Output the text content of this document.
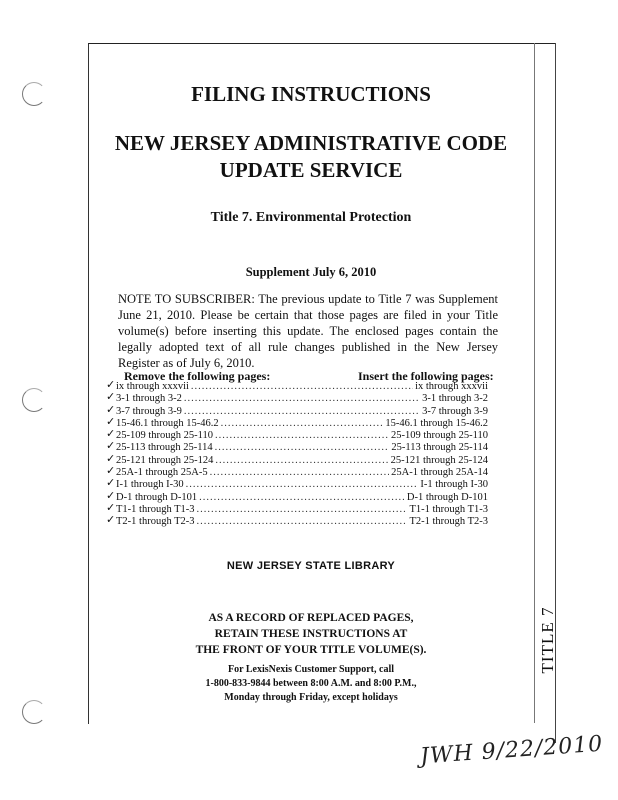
TITLE 7
FILING INSTRUCTIONS
NEW JERSEY ADMINISTRATIVE CODE
UPDATE SERVICE
Title 7. Environmental Protection
Supplement July 6, 2010
NOTE TO SUBSCRIBER: The previous update to Title 7 was Supplement June 21, 2010. Please be certain that those pages are filed in your Title volume(s) before inserting this update. The enclosed pages contain the legally adopted text of all rule changes published in the New Jersey Register as of July 6, 2010.
Remove the following pages:	Insert the following pages:
✓ ix through xxxvii .....	ix through xxxvii
✓ 3-1 through 3-2 .....	3-1 through 3-2
✓ 3-7 through 3-9 .....	3-7 through 3-9
✓ 15-46.1 through 15-46.2 .....	15-46.1 through 15-46.2
✓ 25-109 through 25-110 .....	25-109 through 25-110
✓ 25-113 through 25-114 .....	25-113 through 25-114
✓ 25-121 through 25-124 .....	25-121 through 25-124
✓ 25A-1 through 25A-5 .....	25A-1 through 25A-14
✓ I-1 through I-30 .....	I-1 through I-30
✓ D-1 through D-101 .....	D-1 through D-101
✓ T1-1 through T1-3 .....	T1-1 through T1-3
✓ T2-1 through T2-3 .....	T2-1 through T2-3
NEW JERSEY STATE LIBRARY
AS A RECORD OF REPLACED PAGES,
RETAIN THESE INSTRUCTIONS AT
THE FRONT OF YOUR TITLE VOLUME(S).
For LexisNexis Customer Support, call
1-800-833-9844 between 8:00 A.M. and 8:00 P.M.,
Monday through Friday, except holidays
JWH 9/22/2010
